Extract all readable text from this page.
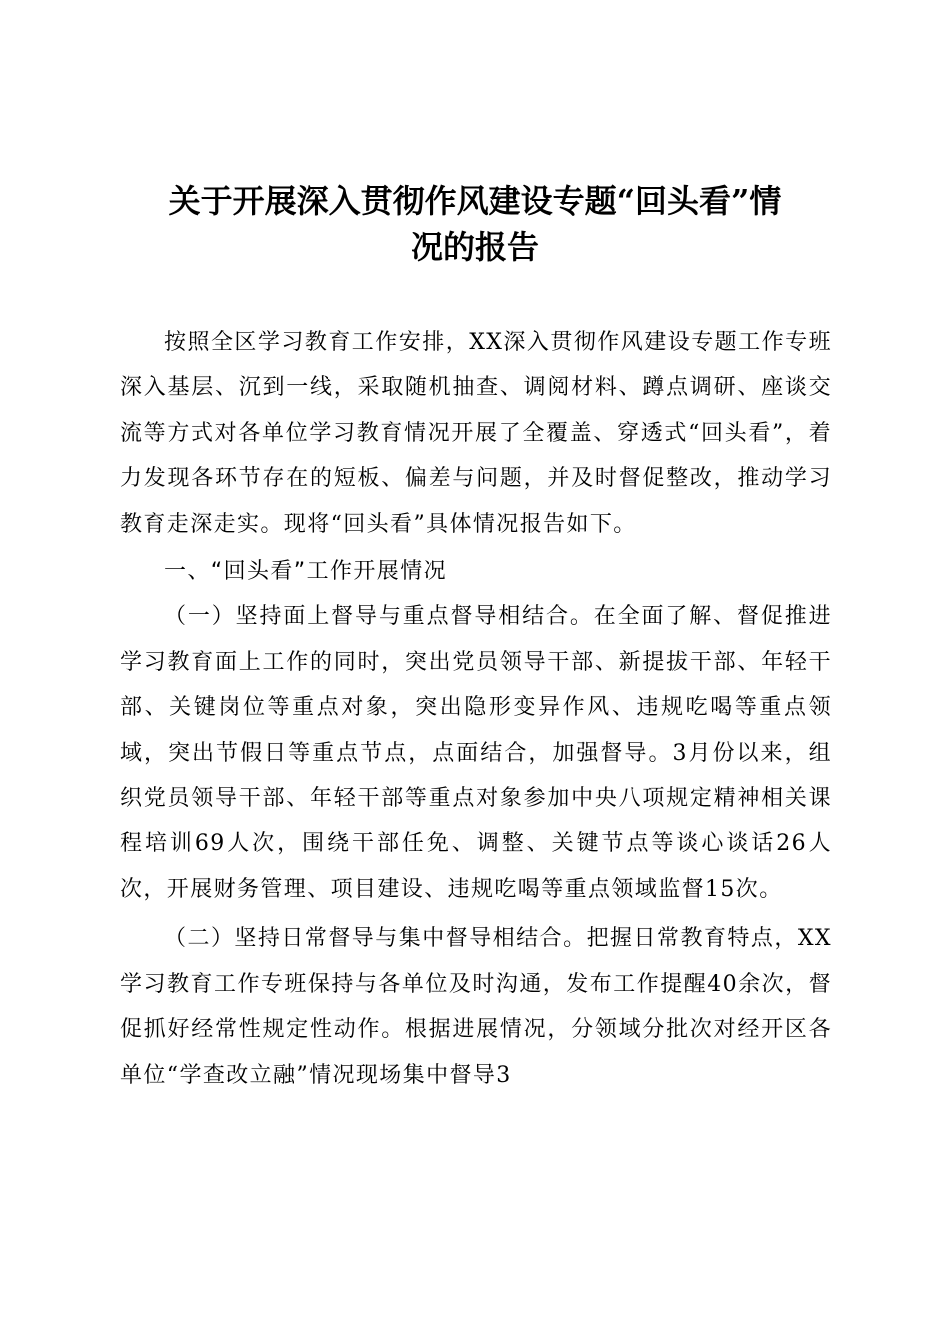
关于开展深入贯彻作风建设专题“回头看”情
况的报告

按照全区学习教育工作安排，XX深入贯彻作风建设专题工作专班深入基层、沉到一线，采取随机抽查、调阅材料、蹲点调研、座谈交流等方式对各单位学习教育情况开展了全覆盖、穿透式“回头看”，着力发现各环节存在的短板、偏差与问题，并及时督促整改，推动学习教育走深走实。现将“回头看”具体情况报告如下。

一、“回头看”工作开展情况

（一）坚持面上督导与重点督导相结合。在全面了解、督促推进学习教育面上工作的同时，突出党员领导干部、新提拔干部、年轻干部、关键岗位等重点对象，突出隐形变异作风、违规吃喝等重点领域，突出节假日等重点节点，点面结合，加强督导。3月份以来，组织党员领导干部、年轻干部等重点对象参加中央八项规定精神相关课程培训69人次，围绕干部任免、调整、关键节点等谈心谈话26人次，开展财务管理、项目建设、违规吃喝等重点领域监督15次。

（二）坚持日常督导与集中督导相结合。把握日常教育特点，XX学习教育工作专班保持与各单位及时沟通，发布工作提醒40余次，督促抓好经常性规定性动作。根据进展情况，分领域分批次对经开区各单位“学查改立融”情况现场集中督导3
